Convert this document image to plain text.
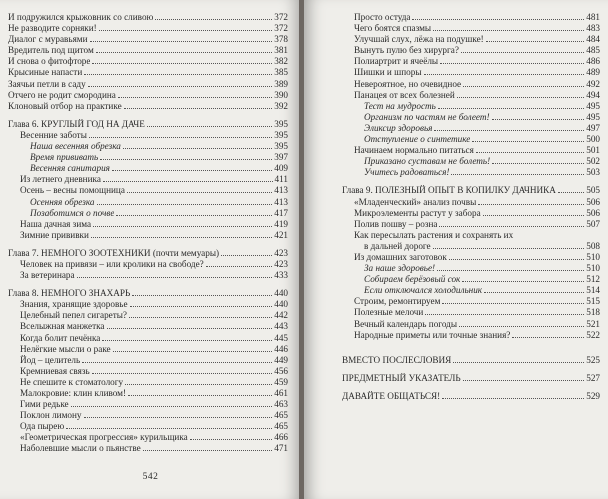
И подружился крыжовник со сливою	372
Не разводите сорняки!	372
Диалог с муравьями	378
Вредитель под щитом	381
И снова о фитофторе	382
Крысиные напасти	385
Заячьи петли в саду	389
Отчего не родит смородина	390
Клоновый отбор на практике	392
Глава 6. КРУГЛЫЙ ГОД НА ДАЧЕ	395
Весенние заботы	395
Наша весенняя обрезка	395
Время прививать	397
Весенняя санитария	409
Из летнего дневника	411
Осень – весны помощница	413
Осенняя обрезка	413
Позаботимся о почве	417
Наша дачная зима	419
Зимние прививки	421
Глава 7. НЕМНОГО ЗООТЕХНИКИ (почти мемуары)	423
Человек на привязи – или кролики на свободе?	423
За ветеринара	433
Глава 8. НЕМНОГО ЗНАХАРЬ	440
Знания, хранящие здоровье	440
Целебный пепел сигареты?	442
Вселыжная манжетка	443
Когда болит печёнка	445
Нелёгкие мысли о раке	446
Йод – целитель	449
Кремниевая связь	456
Не спешите к стоматологу	459
Малокровие: клин кливом!	461
Гими редьке	463
Поклон лимону	465
Ода пырею	465
«Геометрическая прогрессия» курильщика	466
Наболевшие мысли о пьянстве	471
542
Просто остуда	481
Чего боятся спазмы	483
Улучшай слух, лёжа на подушке!	484
Вынуть пулю без хирурга?	485
Полиартрит и ячеёлы	486
Шишки и шпоры	489
Невероятное, но очевидное	492
Панацея от всех болезней	494
Тест на мудрость	495
Организм по частям не болеет!	495
Эликсир здоровья	497
Отступление о синтетике	500
Начинаем нормально питаться	501
Приказано суставам не болеть!	502
Учитесь радоваться!	503
Глава 9. ПОЛЕЗНЫЙ ОПЫТ В КОПИЛКУ ДАЧНИКА	505
«Младенческий» анализ почвы	506
Микроэлементы растут у забора	506
Полив пошву – розна	507
Как пересылать растения и сохранять их
в дальней дороге	508
Из домашних заготовок	510
За наше здоровье!	510
Собираем берёзовый сок	512
Если отключался холодильник	514
Строим, ремонтируем	515
Полезные мелочи	518
Вечный календарь погоды	521
Народные приметы или точные знания?	522
ВМЕСТО ПОСЛЕСЛОВИЯ	525
ПРЕДМЕТНЫЙ УКАЗАТЕЛЬ	527
ДАВАЙТЕ ОБЩАТЬСЯ!	529
